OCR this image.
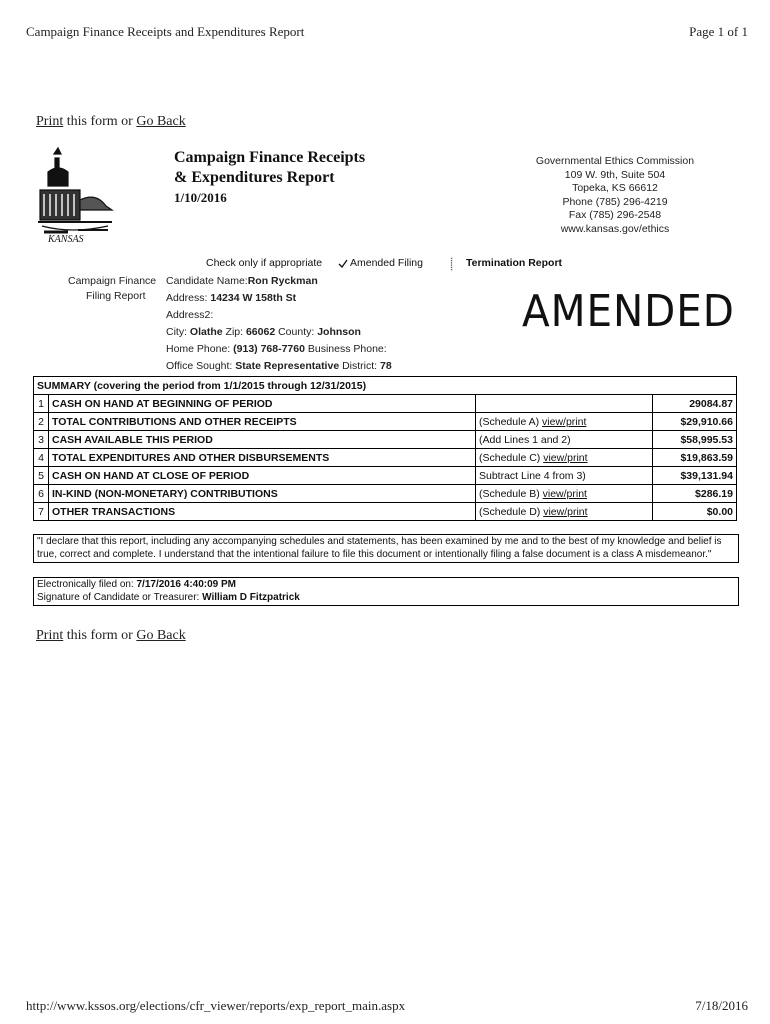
Campaign Finance Receipts and Expenditures Report	Page 1 of 1
Print this form or Go Back
KANSAS
Campaign Finance Receipts
& Expenditures Report
1/10/2016
Governmental Ethics Commission
109 W. 9th, Suite 504
Topeka, KS 66612
Phone (785) 296-4219
Fax (785) 296-2548
www.kansas.gov/ethics
Check only if appropriate	Amended Filing ⸽ Termination Report
Campaign Finance
Filing Report
Candidate Name:Ron Ryckman
Address: 14234 W 158th St
Address2:
City: Olathe Zip: 66062 County: Johnson
Home Phone: (913) 768-7760 Business Phone:
Office Sought: State Representative District: 78
AMENDED
SUMMARY (covering the period from 1/1/2015 through 12/31/2015)			
1	CASH ON HAND AT BEGINNING OF PERIOD		29084.87
2	TOTAL CONTRIBUTIONS AND OTHER RECEIPTS	(Schedule A) view/print	$29,910.66
3	CASH AVAILABLE THIS PERIOD	(Add Lines 1 and 2)	$58,995.53
4	TOTAL EXPENDITURES AND OTHER DISBURSEMENTS	(Schedule C) view/print	$19,863.59
5	CASH ON HAND AT CLOSE OF PERIOD	Subtract Line 4 from 3)	$39,131.94
6	IN-KIND (NON-MONETARY) CONTRIBUTIONS	(Schedule B) view/print	$286.19
7	OTHER TRANSACTIONS	(Schedule D) view/print	$0.00
"I declare that this report, including any accompanying schedules and statements, has been examined by me and to the best of my knowledge and belief is true, correct and complete. I understand that the intentional failure to file this document or intentionally filing a false document is a class A misdemeanor."
Electronically filed on: 7/17/2016 4:40:09 PM
Signature of Candidate or Treasurer: William D Fitzpatrick
Print this form or Go Back
http://www.kssos.org/elections/cfr_viewer/reports/exp_report_main.aspx	7/18/2016
